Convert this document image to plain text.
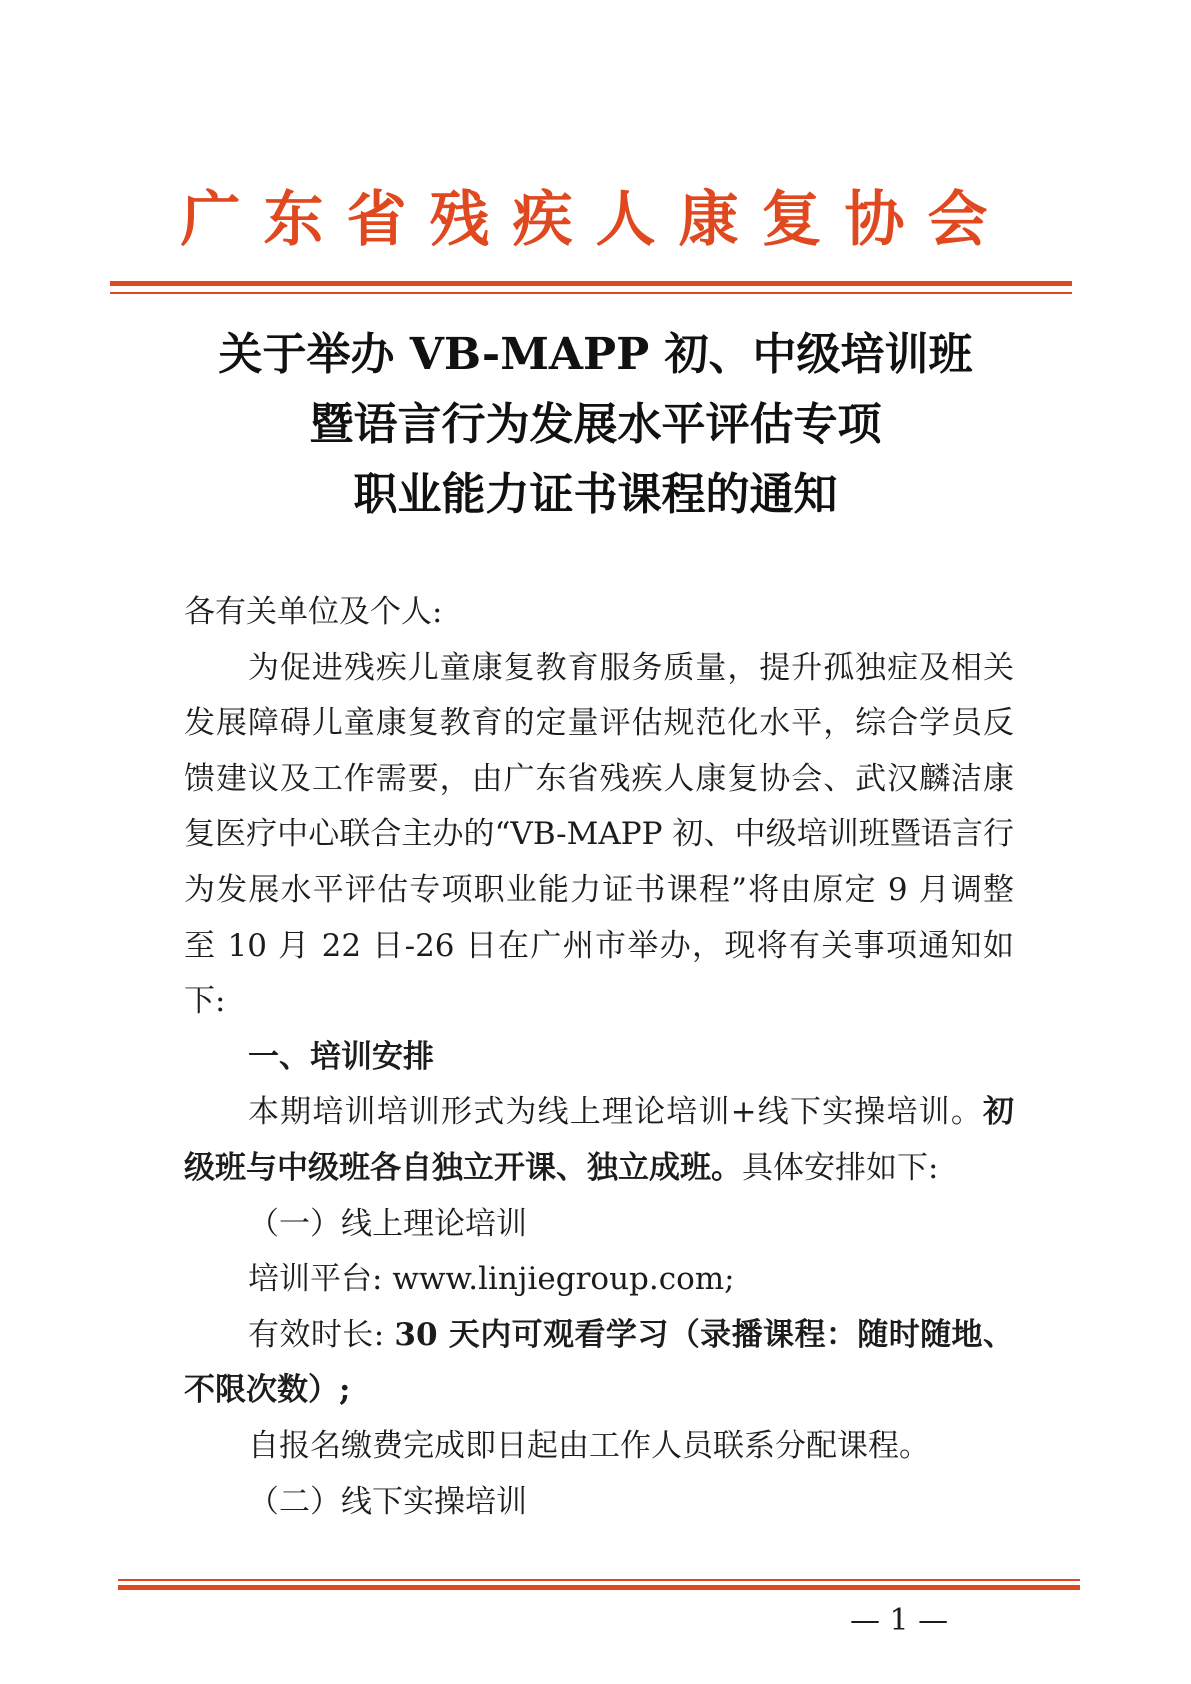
广东省残疾人康复协会
关于举办 VB-MAPP 初、中级培训班
暨语言行为发展水平评估专项
职业能力证书课程的通知

各有关单位及个人:

为促进残疾儿童康复教育服务质量，提升孤独症及相关发展障碍儿童康复教育的定量评估规范化水平，综合学员反馈建议及工作需要，由广东省残疾人康复协会、武汉麟洁康复医疗中心联合主办的“VB-MAPP 初、中级培训班暨语言行为发展水平评估专项职业能力证书课程”将由原定 9 月调整至 10 月 22 日-26 日在广州市举办，现将有关事项通知如下:

一、培训安排

本期培训培训形式为线上理论培训+线下实操培训。初级班与中级班各自独立开课、独立成班。具体安排如下:

（一）线上理论培训

培训平台: www.linjiegroup.com;

有效时长: 30 天内可观看学习（录播课程：随时随地、不限次数）;

自报名缴费完成即日起由工作人员联系分配课程。

（二）线下实操培训

— 1 —
